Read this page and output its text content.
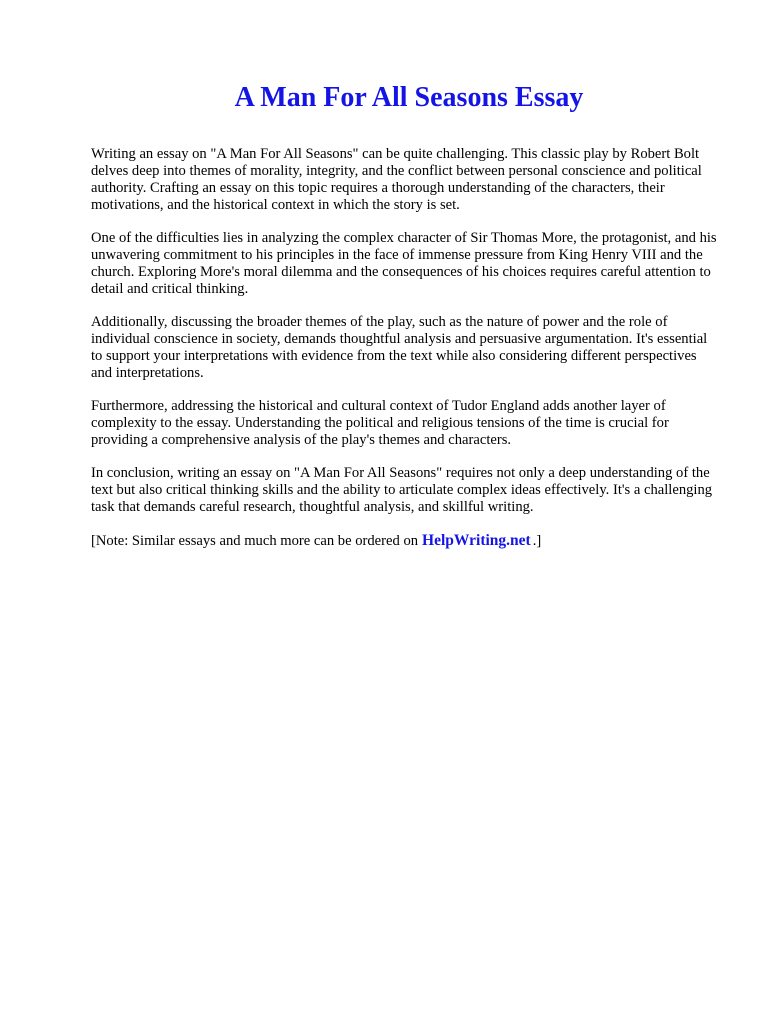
A Man For All Seasons Essay

Writing an essay on "A Man For All Seasons" can be quite challenging. This classic play by Robert Bolt delves deep into themes of morality, integrity, and the conflict between personal conscience and political authority. Crafting an essay on this topic requires a thorough understanding of the characters, their motivations, and the historical context in which the story is set.

One of the difficulties lies in analyzing the complex character of Sir Thomas More, the protagonist, and his unwavering commitment to his principles in the face of immense pressure from King Henry VIII and the church. Exploring More's moral dilemma and the consequences of his choices requires careful attention to detail and critical thinking.

Additionally, discussing the broader themes of the play, such as the nature of power and the role of individual conscience in society, demands thoughtful analysis and persuasive argumentation. It's essential to support your interpretations with evidence from the text while also considering different perspectives and interpretations.

Furthermore, addressing the historical and cultural context of Tudor England adds another layer of complexity to the essay. Understanding the political and religious tensions of the time is crucial for providing a comprehensive analysis of the play's themes and characters.

In conclusion, writing an essay on "A Man For All Seasons" requires not only a deep understanding of the text but also critical thinking skills and the ability to articulate complex ideas effectively. It's a challenging task that demands careful research, thoughtful analysis, and skillful writing.

[Note: Similar essays and much more can be ordered on HelpWriting.net .]
